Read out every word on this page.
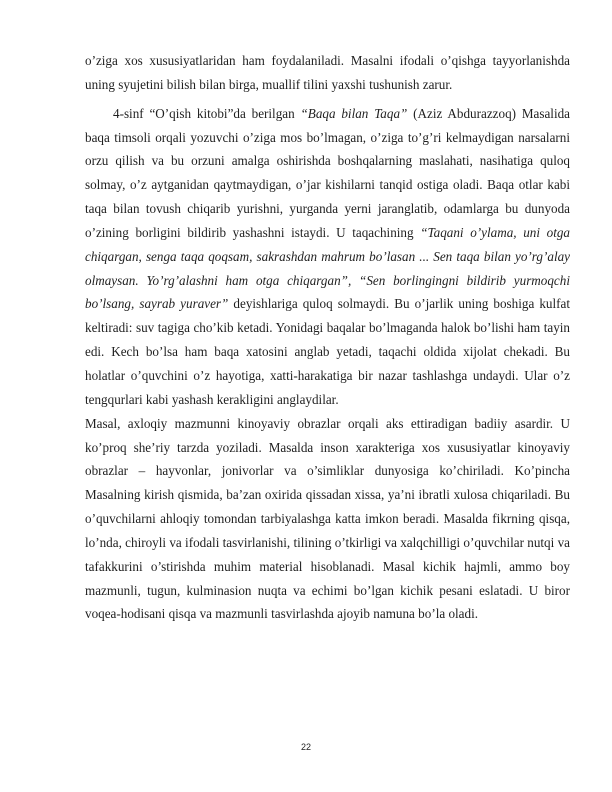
o’ziga xos xususiyatlaridan ham foydalaniladi. Masalni ifodali o’qishga tayyorlanishda uning syujetini bilish bilan birga, muallif tilini yaxshi tushunish zarur.

4-sinf “O’qish kitobi”da berilgan “Baqa bilan Taqa” (Aziz Abdurazzoq) Masalida baqa timsoli orqali yozuvchi o’ziga mos bo’lmagan, o’ziga to’g’ri kelmaydigan narsalarni orzu qilish va bu orzuni amalga oshirishda boshqalarning maslahati, nasihatiga quloq solmay, o’z aytganidan qaytmaydigan, o’jar kishilarni tanqid ostiga oladi. Baqa otlar kabi taqa bilan tovush chiqarib yurishni, yurganda yerni jaranglatib, odamlarga bu dunyoda o’zining borligini bildirib yashashni istaydi. U taqachining “Taqani o’ylama, uni otga chiqargan, senga taqa qoqsam, sakrashdan mahrum bo’lasan ... Sen taqa bilan yo’rg’alay olmaysan. Yo’rg’alashni ham otga chiqargan”, “Sen borlingingni bildirib yurmoqchi bo’lsang, sayrab yuraver” deyishlariga quloq solmaydi. Bu o’jarlik uning boshiga kulfat keltiradi: suv tagiga cho’kib ketadi. Yonidagi baqalar bo’lmaganda halok bo’lishi ham tayin edi. Kech bo’lsa ham baqa xatosini anglab yetadi, taqachi oldida xijolat chekadi. Bu holatlar o’quvchini o’z hayotiga, xatti-harakatiga bir nazar tashlashga undaydi. Ular o’z tengqurlari kabi yashash kerakligini anglaydilar.

Masal, axloqiy mazmunni kinoyaviy obrazlar orqali aks ettiradigan badiiy asardir. U ko’proq she’riy tarzda yoziladi. Masalda inson xarakteriga xos xususiyatlar kinoyaviy obrazlar – hayvonlar, jonivorlar va o’simliklar dunyosiga ko’chiriladi. Ko’pincha Masalning kirish qismida, ba’zan oxirida qissadan xissa, ya’ni ibratli xulosa chiqariladi. Bu o’quvchilarni ahloqiy tomondan tarbiyalashga katta imkon beradi. Masalda fikrning qisqa, lo’nda, chiroyli va ifodali tasvirlanishi, tilining o’tkirligi va xalqchilligi o’quvchilar nutqi va tafakkurini o’stirishda muhim material hisoblanadi. Masal kichik hajmli, ammo boy mazmunli, tugun, kulminasion nuqta va echimi bo’lgan kichik pesani eslatadi. U biror voqea-hodisani qisqa va mazmunli tasvirlashda ajoyib namuna bo’la oladi.

22
